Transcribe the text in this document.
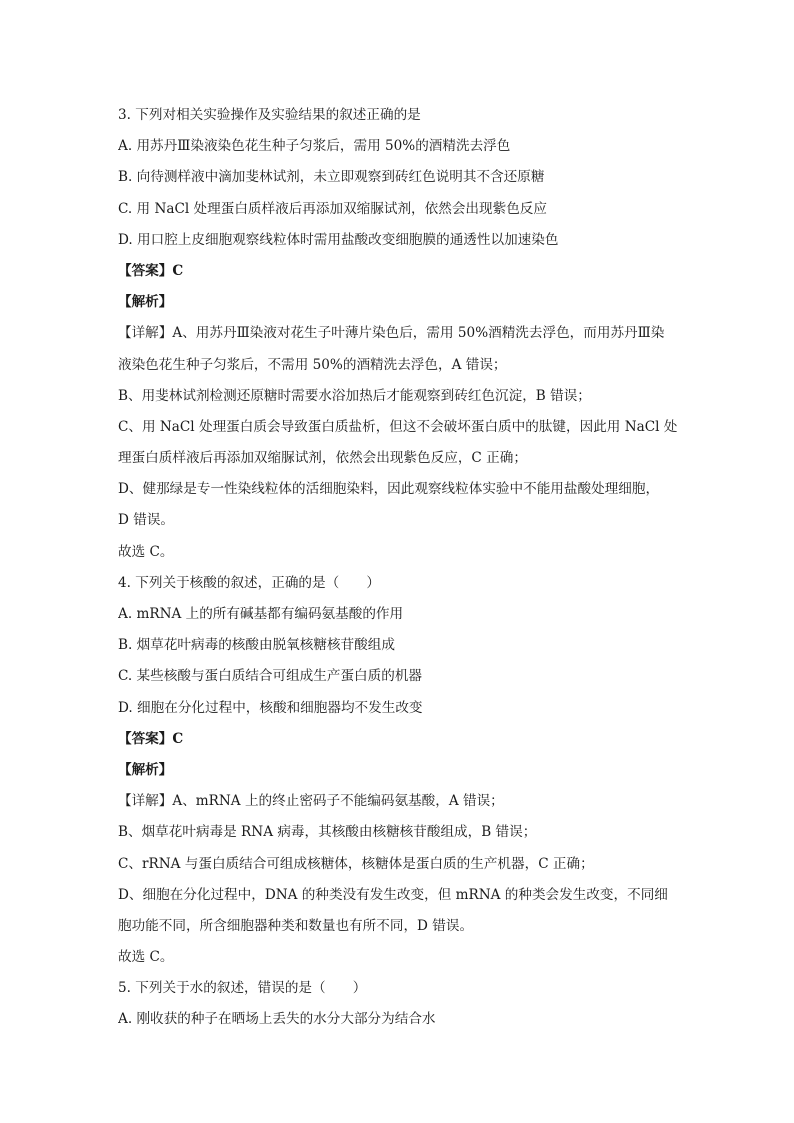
3. 下列对相关实验操作及实验结果的叙述正确的是
A. 用苏丹Ⅲ染液染色花生种子匀浆后，需用 50%的酒精洗去浮色
B. 向待测样液中滴加斐林试剂，未立即观察到砖红色说明其不含还原糖
C. 用 NaCl 处理蛋白质样液后再添加双缩脲试剂，依然会出现紫色反应
D. 用口腔上皮细胞观察线粒体时需用盐酸改变细胞膜的通透性以加速染色
【答案】C
【解析】
【详解】A、用苏丹Ⅲ染液对花生子叶薄片染色后，需用 50%酒精洗去浮色，而用苏丹Ⅲ染
液染色花生种子匀浆后，不需用 50%的酒精洗去浮色，A 错误；
B、用斐林试剂检测还原糖时需要水浴加热后才能观察到砖红色沉淀，B 错误；
C、用 NaCl 处理蛋白质会导致蛋白质盐析，但这不会破坏蛋白质中的肽键，因此用 NaCl 处
理蛋白质样液后再添加双缩脲试剂，依然会出现紫色反应，C 正确；
D、健那绿是专一性染线粒体的活细胞染料，因此观察线粒体实验中不能用盐酸处理细胞，
D 错误。
故选 C。
4. 下列关于核酸的叙述，正确的是（　　）
A. mRNA 上的所有碱基都有编码氨基酸的作用
B. 烟草花叶病毒的核酸由脱氧核糖核苷酸组成
C. 某些核酸与蛋白质结合可组成生产蛋白质的机器
D. 细胞在分化过程中，核酸和细胞器均不发生改变
【答案】C
【解析】
【详解】A、mRNA 上的终止密码子不能编码氨基酸，A 错误；
B、烟草花叶病毒是 RNA 病毒，其核酸由核糖核苷酸组成，B 错误；
C、rRNA 与蛋白质结合可组成核糖体，核糖体是蛋白质的生产机器，C 正确；
D、细胞在分化过程中，DNA 的种类没有发生改变，但 mRNA 的种类会发生改变，不同细
胞功能不同，所含细胞器种类和数量也有所不同，D 错误。
故选 C。
5. 下列关于水的叙述，错误的是（　　）
A. 刚收获的种子在晒场上丢失的水分大部分为结合水
